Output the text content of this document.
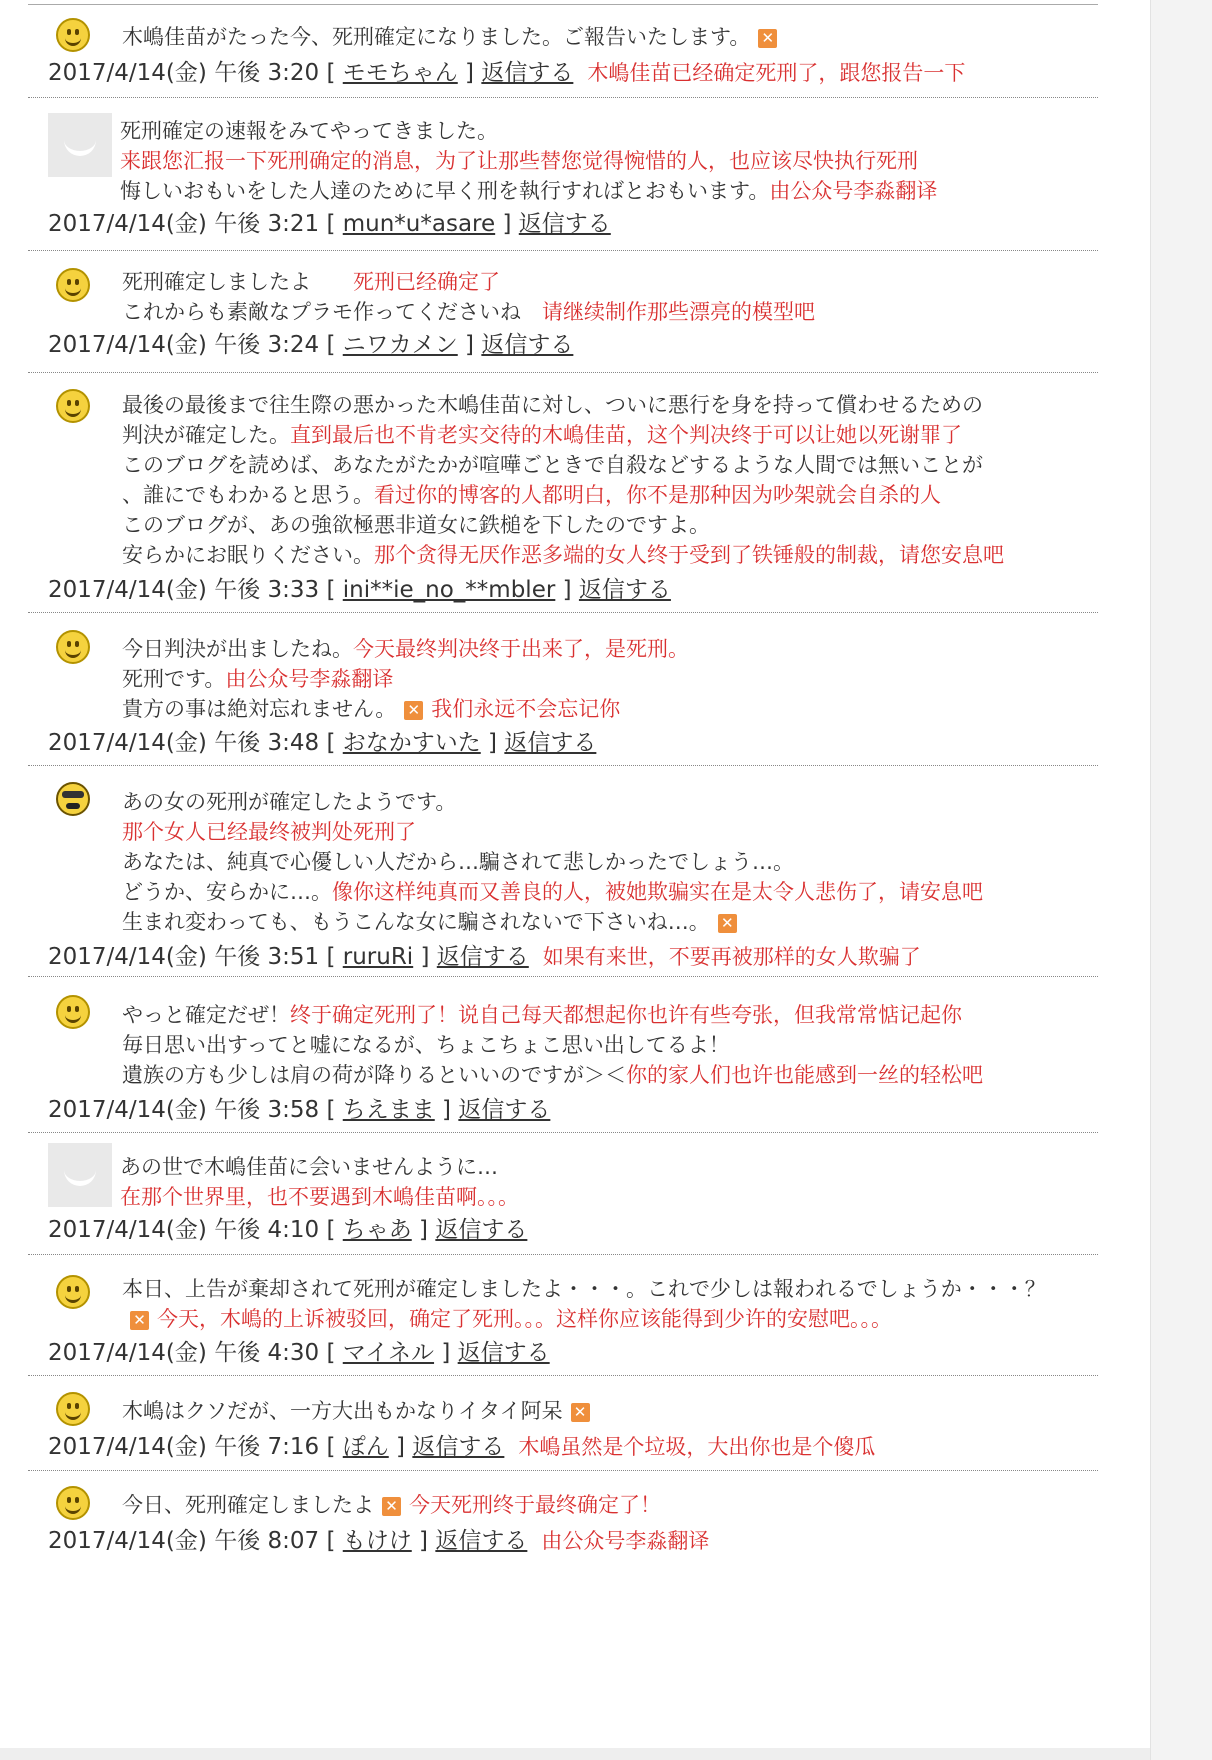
木嶋佳苗がたった今、死刑確定になりました。ご報告いたします。 ✕
2017/4/14(金) 午後 3:20 [ モモちゃん ] 返信する 木嶋佳苗已经确定死刑了，跟您报告一下
死刑確定の速報をみてやってきました。
来跟您汇报一下死刑确定的消息，为了让那些替您觉得惋惜的人，也应该尽快执行死刑
悔しいおもいをした人達のために早く刑を執行すればとおもいます。由公众号李淼翻译
2017/4/14(金) 午後 3:21 [ mun*u*asare ] 返信する
死刑確定しましたよ　　死刑已经确定了
これからも素敵なプラモ作ってくださいね　请继续制作那些漂亮的模型吧
2017/4/14(金) 午後 3:24 [ ニワカメン ] 返信する
最後の最後まで往生際の悪かった木嶋佳苗に対し、ついに悪行を身を持って償わせるための
判決が確定した。直到最后也不肯老实交待的木嶋佳苗，这个判决终于可以让她以死谢罪了
このブログを読めば、あなたがたかが喧嘩ごときで自殺などするような人間では無いことが
、誰にでもわかると思う。看过你的博客的人都明白，你不是那种因为吵架就会自杀的人
このブログが、あの強欲極悪非道女に鉄槌を下したのですよ。
安らかにお眠りください。那个贪得无厌作恶多端的女人终于受到了铁锤般的制裁，请您安息吧
2017/4/14(金) 午後 3:33 [ ini**ie_no_**mbler ] 返信する
今日判決が出ましたね。今天最终判决终于出来了，是死刑。
死刑です。由公众号李淼翻译
貴方の事は絶対忘れません。 ✕ 我们永远不会忘记你
2017/4/14(金) 午後 3:48 [ おなかすいた ] 返信する
あの女の死刑が確定したようです。
那个女人已经最终被判处死刑了
あなたは、純真で心優しい人だから…騙されて悲しかったでしょう…。
どうか、安らかに…。像你这样纯真而又善良的人，被她欺骗实在是太令人悲伤了，请安息吧
生まれ変わっても、もうこんな女に騙されないで下さいね…。 ✕
2017/4/14(金) 午後 3:51 [ ruruRi ] 返信する 如果有来世，不要再被那样的女人欺骗了
やっと確定だぜ！终于确定死刑了！说自己每天都想起你也许有些夸张，但我常常惦记起你
毎日思い出すってと嘘になるが、ちょこちょこ思い出してるよ！
遺族の方も少しは肩の荷が降りるといいのですが＞＜你的家人们也许也能感到一丝的轻松吧
2017/4/14(金) 午後 3:58 [ ちえまま ] 返信する
あの世で木嶋佳苗に会いませんように…
在那个世界里，也不要遇到木嶋佳苗啊。。。
2017/4/14(金) 午後 4:10 [ ちゃあ ] 返信する
本日、上告が棄却されて死刑が確定しましたよ・・・。これで少しは報われるでしょうか・・・？
✕ 今天，木嶋的上诉被驳回，确定了死刑。。。这样你应该能得到少许的安慰吧。。。
2017/4/14(金) 午後 4:30 [ マイネル ] 返信する
木嶋はクソだが、一方大出もかなりイタイ阿呆 ✕
2017/4/14(金) 午後 7:16 [ ぽん ] 返信する 木嶋虽然是个垃圾，大出你也是个傻瓜
今日、死刑確定しましたよ ✕ 今天死刑终于最终确定了！
2017/4/14(金) 午後 8:07 [ もけけ ] 返信する 由公众号李淼翻译
